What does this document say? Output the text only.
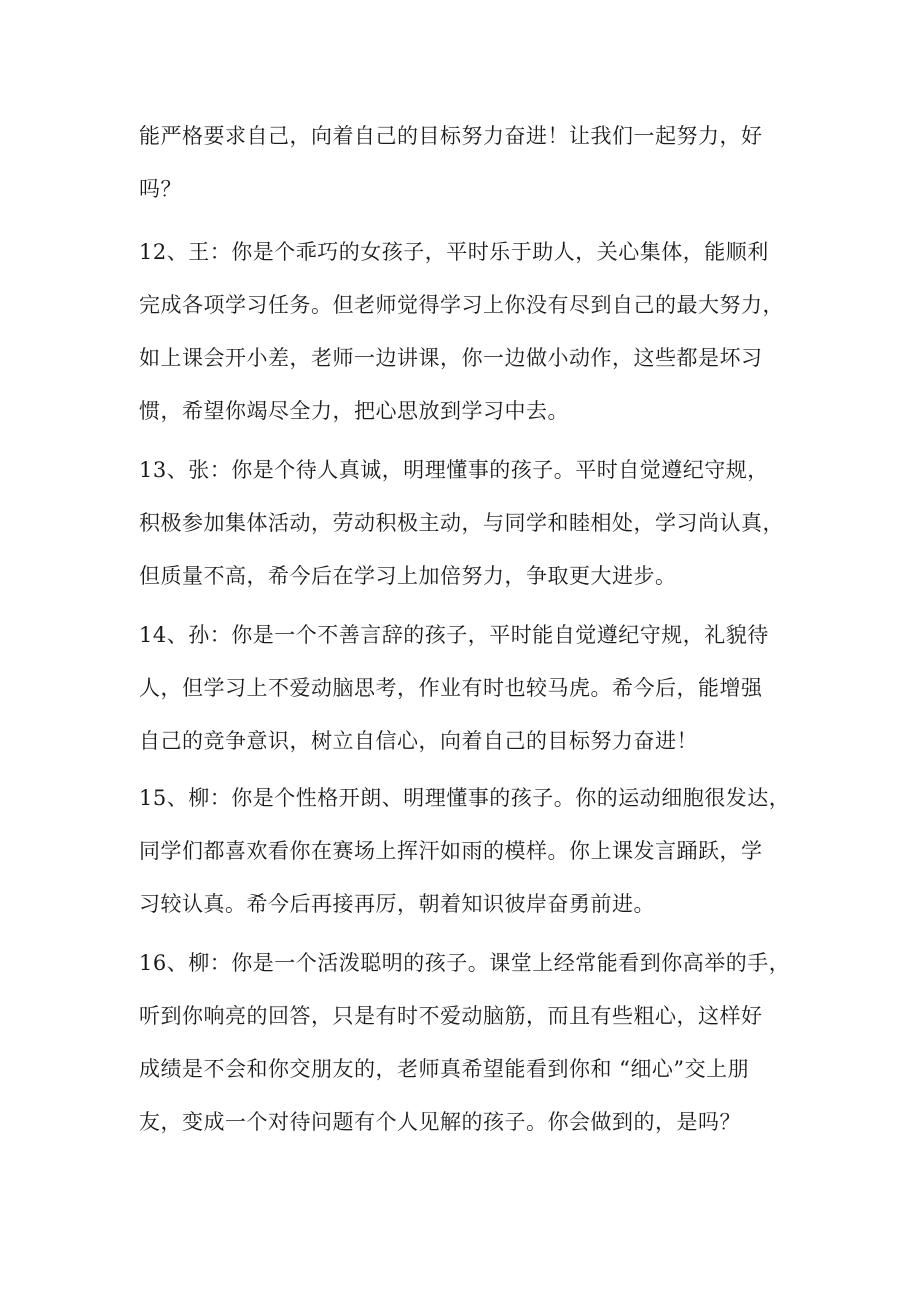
能严格要求自己，向着自己的目标努力奋进！让我们一起努力，好
吗？
12、王：你是个乖巧的女孩子，平时乐于助人，关心集体，能顺利
完成各项学习任务。但老师觉得学习上你没有尽到自己的最大努力，
如上课会开小差，老师一边讲课，你一边做小动作，这些都是坏习
惯，希望你竭尽全力，把心思放到学习中去。
13、张：你是个待人真诚，明理懂事的孩子。平时自觉遵纪守规，
积极参加集体活动，劳动积极主动，与同学和睦相处，学习尚认真，
但质量不高，希今后在学习上加倍努力，争取更大进步。
14、孙：你是一个不善言辞的孩子，平时能自觉遵纪守规，礼貌待
人，但学习上不爱动脑思考，作业有时也较马虎。希今后，能增强
自己的竞争意识，树立自信心，向着自己的目标努力奋进！
15、柳：你是个性格开朗、明理懂事的孩子。你的运动细胞很发达，
同学们都喜欢看你在赛场上挥汗如雨的模样。你上课发言踊跃，学
习较认真。希今后再接再厉，朝着知识彼岸奋勇前进。
16、柳：你是一个活泼聪明的孩子。课堂上经常能看到你高举的手，
听到你响亮的回答，只是有时不爱动脑筋，而且有些粗心，这样好
成绩是不会和你交朋友的，老师真希望能看到你和 “细心”交上朋
友，变成一个对待问题有个人见解的孩子。你会做到的，是吗？
